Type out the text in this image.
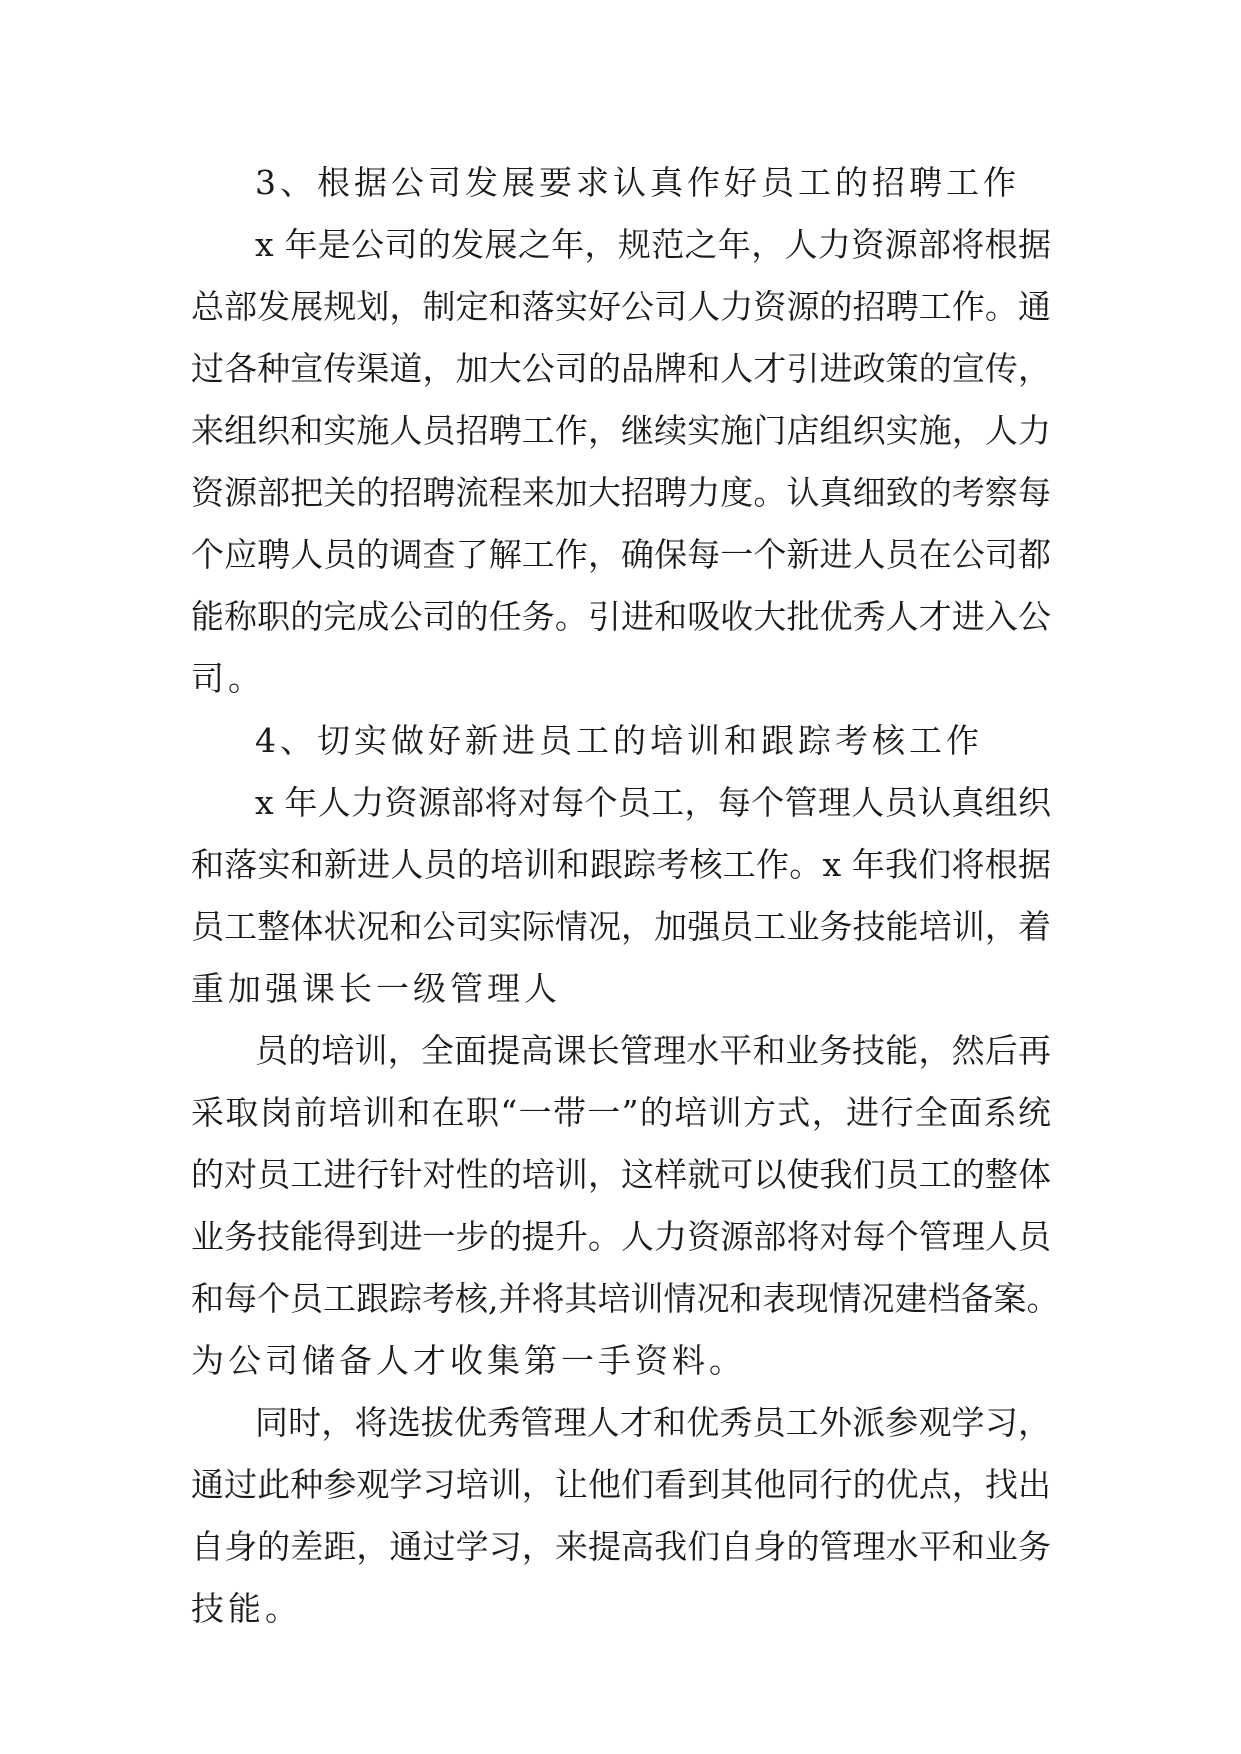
3、根据公司发展要求认真作好员工的招聘工作
x 年是公司的发展之年，规范之年，人力资源部将根据
总部发展规划，制定和落实好公司人力资源的招聘工作。通
过各种宣传渠道，加大公司的品牌和人才引进政策的宣传，
来组织和实施人员招聘工作，继续实施门店组织实施，人力
资源部把关的招聘流程来加大招聘力度。认真细致的考察每
个应聘人员的调查了解工作，确保每一个新进人员在公司都
能称职的完成公司的任务。引进和吸收大批优秀人才进入公
司。
4、切实做好新进员工的培训和跟踪考核工作
x 年人力资源部将对每个员工，每个管理人员认真组织
和落实和新进人员的培训和跟踪考核工作。x 年我们将根据
员工整体状况和公司实际情况，加强员工业务技能培训，着
重加强课长一级管理人
员的培训，全面提高课长管理水平和业务技能，然后再
采取岗前培训和在职“一带一”的培训方式，进行全面系统
的对员工进行针对性的培训，这样就可以使我们员工的整体
业务技能得到进一步的提升。人力资源部将对每个管理人员
和每个员工跟踪考核,并将其培训情况和表现情况建档备案。
为公司储备人才收集第一手资料。
同时，将选拔优秀管理人才和优秀员工外派参观学习，
通过此种参观学习培训，让他们看到其他同行的优点，找出
自身的差距，通过学习，来提高我们自身的管理水平和业务
技能。
